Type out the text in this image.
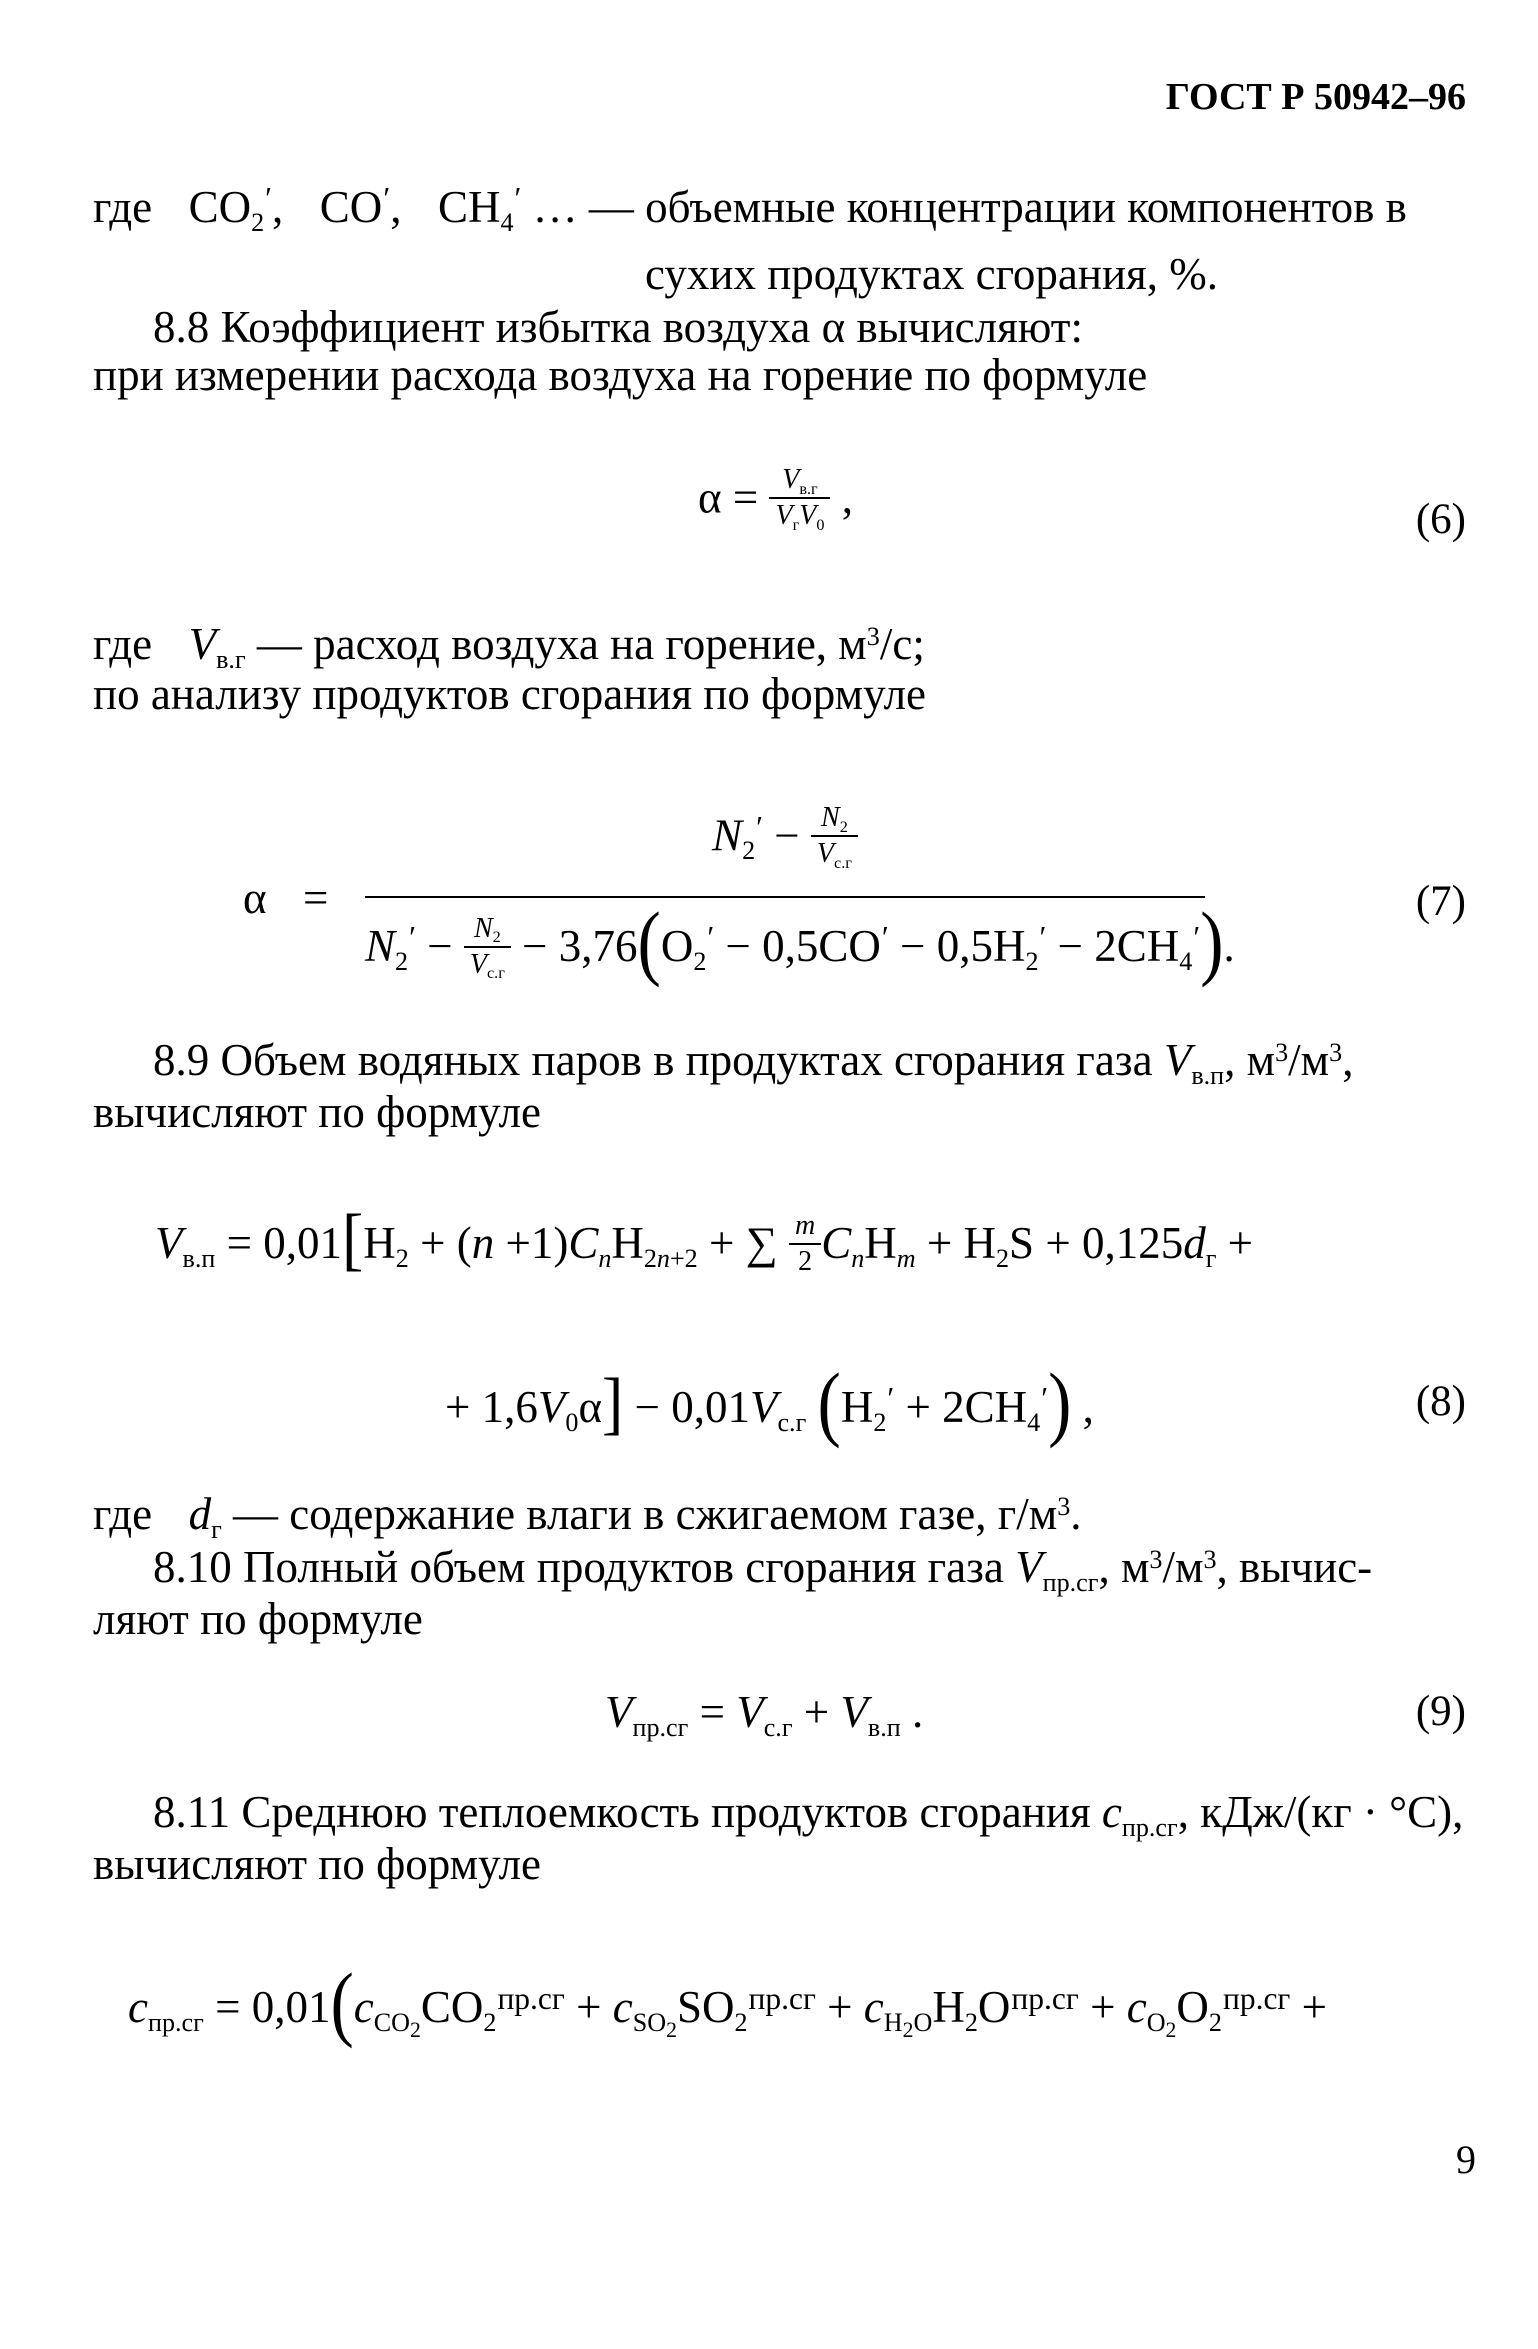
ГОСТ Р 50942–96
где $CO_2'$, CO′, $CH_4'$ … — объемные концентрации компонентов в
сухих продуктах сгорания, %.
8.8 Коэффициент избытка воздуха α вычисляют:
при измерении расхода воздуха на горение по формуле
$\alpha = \frac{V_{в.г}}{V_гV_0}$ ,	(6)
где $V_{в.г}$ — расход воздуха на горение, $м^3/с$;
по анализу продуктов сгорания по формуле
α =
$N_2' - \frac{N_2}{V_{с.г}}$
$N_2' - \frac{N_2}{V_{с.г}} - 3,76(O_2' - 0,5CO' - 0,5H_2' - 2CH_4')$.
(7)
8.9 Объем водяных паров в продуктах сгорания газа $V_{в.п}$, $м^3/м^3$,
вычисляют по формуле
$V_{в.п} = 0,01[H_2 + (n +1)C_nH_{2n+2}$ + ∑ $\frac{m}{2} C_nH_m + H_2S + 0,125d_г$ +
+ $1,6V_0\alpha] - 0,01V_{с.г}$ $(H_2' + 2CH_4')$ ,	(8)
где $d_г$ — содержание влаги в сжигаемом газе, $г/м^3$.
8.10 Полный объем продуктов сгорания газа $V_{пр.сг}$, $м^3/м^3$, вычис-
ляют по формуле
$V_{пр.сг} = V_{с.г} + V_{в.п}$ .	(9)
8.11 Среднюю теплоемкость продуктов сгорания $c_{пр.сг}$, кДж/(кг · °С),
вычисляют по формуле
$c_{пр.сг} = 0,01(c_{CO_2}CO_2^{пр.сг} + c_{SO_2}SO_2^{пр.сг} + c_{H_2O}H_2O^{пр.сг} + c_{O_2}O_2^{пр.сг}$ +
9
